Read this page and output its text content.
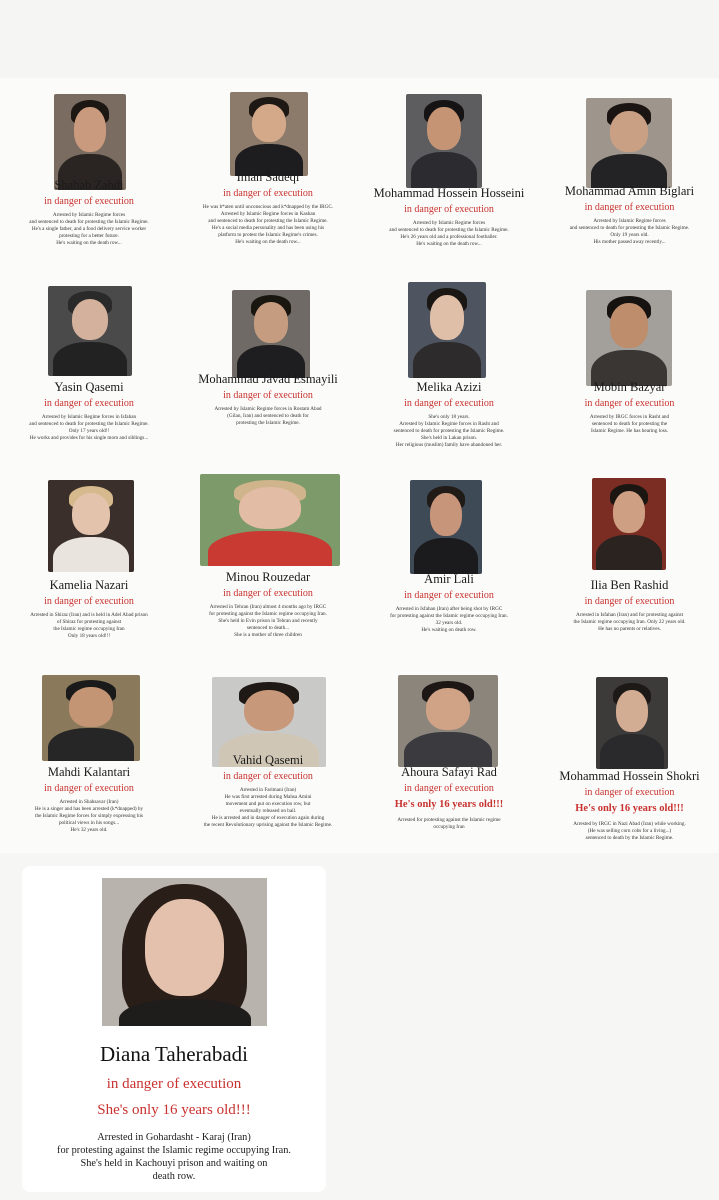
Shahab Zahdi
in danger of execution
Arrested by Islamic Regime forces
and sentenced to death for protesting the Islamic Regime.
He's a single father, and a food delivery service worker
protesting for a better future.
He's waiting on the death row...
Iman Sadeqi
in danger of execution
He was b*aten until unconscious and k*dnapped by the IRGC.
Arrested by Islamic Regime forces in Kashan
and sentenced to death for protesting the Islamic Regime.
He's a social media personality and has been using his
platform to protest the Islamic Regime's crimes.
He's waiting on the death row...
Mohammad Hossein Hosseini
in danger of execution
Arrested by Islamic Regime forces
and sentenced to death for protesting the Islamic Regime.
He's 26 years old and a professional footballer.
He's waiting on the death row...
Mohammad Amin Biglari
in danger of execution
Arrested by Islamic Regime forces
and sentenced to death for protesting the Islamic Regime.
Only 19 years old.
His mother passed away recently...
Yasin Qasemi
in danger of execution
Arrested by Islamic Regime forces in Isfahan
and sentenced to death for protesting the Islamic Regime.
Only 17 years old!!
He works and provides for his single mom and siblings...
Mohammad Javad Esmayili
in danger of execution
Arrested by Islamic Regime forces in Rostam Abad
(Gilan, Iran) and sentenced to death for
protesting the Islamic Regime.
Melika Azizi
in danger of execution
She's only 18 years.
Arrested by Islamic Regime forces in Rasht and
sentenced to death for protesting the Islamic Regime.
She's held in Lakan prison.
Her religious (muslim) family have abandoned her.
Mobin Bazyar
in danger of execution
Arrested by IRGC forces in Rasht and
sentenced to death for protesting the
Islamic Regime. He has hearing loss.
Kamelia Nazari
in danger of execution
Arrested in Shiraz (Iran) and is held in Adel Abad prison
of Shiraz for protesting against
the Islamic regime occupying Iran
Only 18 years old!!!
Minou Rouzedar
in danger of execution
Arrested in Tehran (Iran) almost 4 months ago by IRGC
for protesting against the Islamic regime occupying Iran.
She's held in Evin prison in Tehran and recently
sentenced to death...
She is a mother of three children
Amir Lali
in danger of execution
Arrested in Isfahan (Iran) after being shot by IRGC
for protesting against the Islamic regime occupying Iran.
32 years old.
He's waiting on death row.
Ilia Ben Rashid
in danger of execution
Arrested in Isfahan (Iran) and for protesting against
the Islamic regime occupying Iran. Only 22 years old.
He has no parents or relatives.
Mahdi Kalantari
in danger of execution
Arrested in Shahsavar (Iran)
He is a singer and has been arrested (k*dnapped) by
the Islamic Regime forces for simply expressing his
political views in his songs...
He's 32 years old.
Vahid Qasemi
in danger of execution
Arrested in Farimani (Iran)
He was first arrested during Mahsa Amini
movement and put on execution row, but
eventually released on bail.
He is arrested and in danger of execution again during
the recent Revolutionary uprising against the Islamic Regime.
Ahoura Safayi Rad
in danger of execution
He's only 16 years old!!!
Arrested for protesting against the Islamic regime
occupying Iran
Mohammad Hossein Shokri
in danger of execution
He's only 16 years old!!!
Arrested by IRGC in Nazi Abad (Iran) while working.
(He was selling corn cobs for a living...)
sentenced to death by the Islamic Regime.
Diana Taherabadi
in danger of execution
She's only 16 years old!!!
Arrested in Gohardasht - Karaj (Iran)
for protesting against the Islamic regime occupying Iran.
She's held in Kachouyi prison and waiting on
death row.
